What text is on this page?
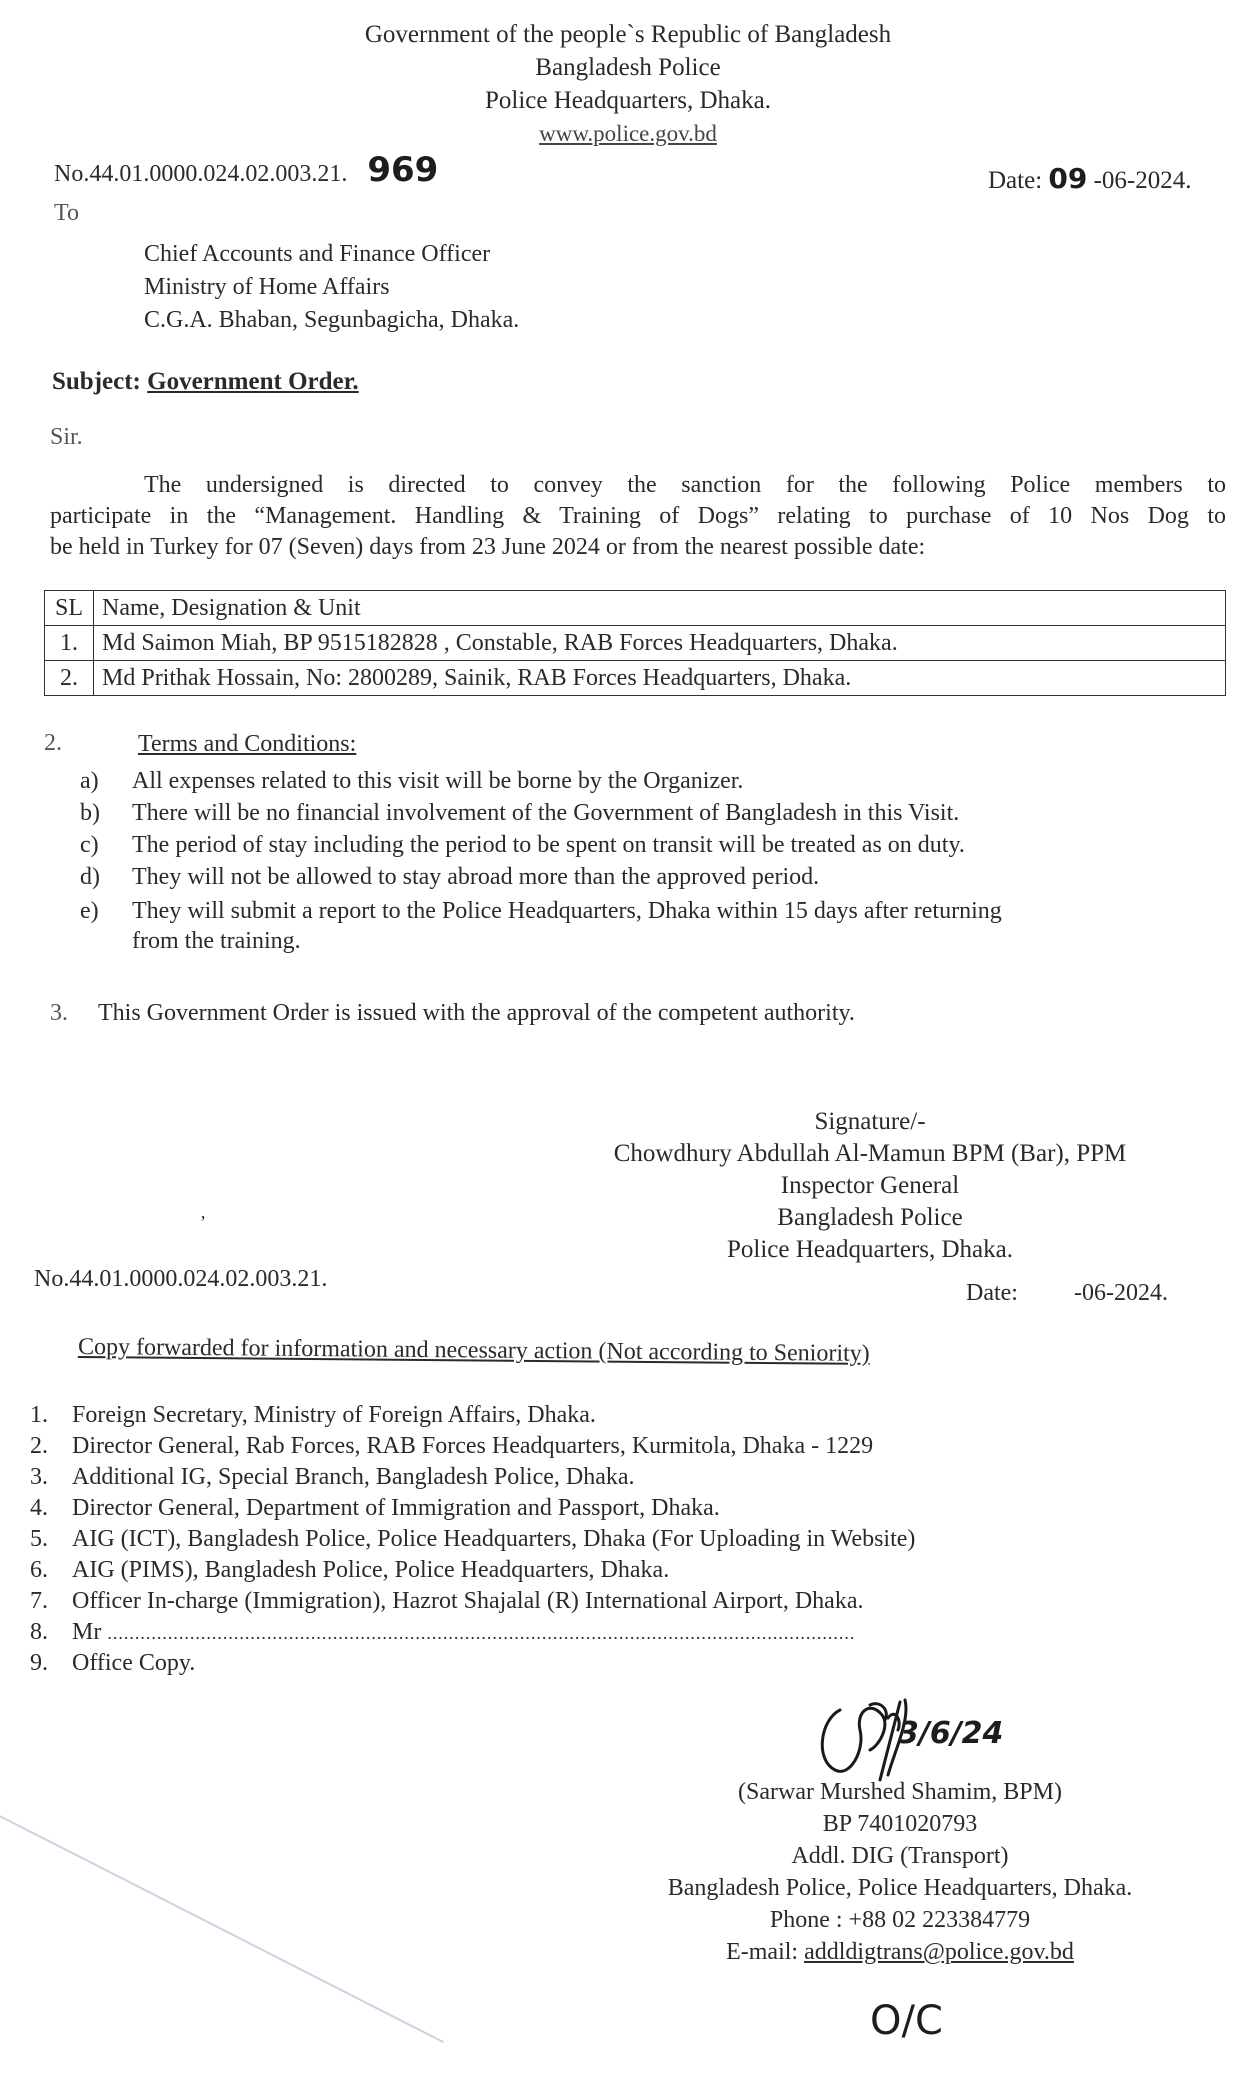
Government of the people`s Republic of Bangladesh
Bangladesh Police
Police Headquarters, Dhaka.
www.police.gov.bd
No.44.01.0000.024.02.003.21. 969	Date: 09 -06-2024.
To
Chief Accounts and Finance Officer
Ministry of Home Affairs
C.G.A. Bhaban, Segunbagicha, Dhaka.
Subject: Government Order.
Sir.
The undersigned is directed to convey the sanction for the following Police members to
participate in the “Management. Handling & Training of Dogs” relating to purchase of 10 Nos Dog to
be held in Turkey for 07 (Seven) days from 23 June 2024 or from the nearest possible date:
SL	Name, Designation & Unit
1.	Md Saimon Miah, BP 9515182828 , Constable, RAB Forces Headquarters, Dhaka.
2.	Md Prithak Hossain, No: 2800289, Sainik, RAB Forces Headquarters, Dhaka.
2.	Terms and Conditions:
a) All expenses related to this visit will be borne by the Organizer.
b) There will be no financial involvement of the Government of Bangladesh in this Visit.
c) The period of stay including the period to be spent on transit will be treated as on duty.
d) They will not be allowed to stay abroad more than the approved period.
e) They will submit a report to the Police Headquarters, Dhaka within 15 days after returning
from the training.
3. This Government Order is issued with the approval of the competent authority.
Signature/-
Chowdhury Abdullah Al-Mamun BPM (Bar), PPM
Inspector General
Bangladesh Police
Police Headquarters, Dhaka.
’
No.44.01.0000.024.02.003.21.
Date: -06-2024.
Copy forwarded for information and necessary action (Not according to Seniority)
1. Foreign Secretary, Ministry of Foreign Affairs, Dhaka.
2. Director General, Rab Forces, RAB Forces Headquarters, Kurmitola, Dhaka - 1229
3. Additional IG, Special Branch, Bangladesh Police, Dhaka.
4. Director General, Department of Immigration and Passport, Dhaka.
5. AIG (ICT), Bangladesh Police, Police Headquarters, Dhaka (For Uploading in Website)
6. AIG (PIMS), Bangladesh Police, Police Headquarters, Dhaka.
7. Officer In-charge (Immigration), Hazrot Shajalal (R) International Airport, Dhaka.
8. Mr ........................................................................................................................................
9. Office Copy.
3/6/24
(Sarwar Murshed Shamim, BPM)
BP 7401020793
Addl. DIG (Transport)
Bangladesh Police, Police Headquarters, Dhaka.
Phone : +88 02 223384779
E-mail: addldigtrans@police.gov.bd
O/C
